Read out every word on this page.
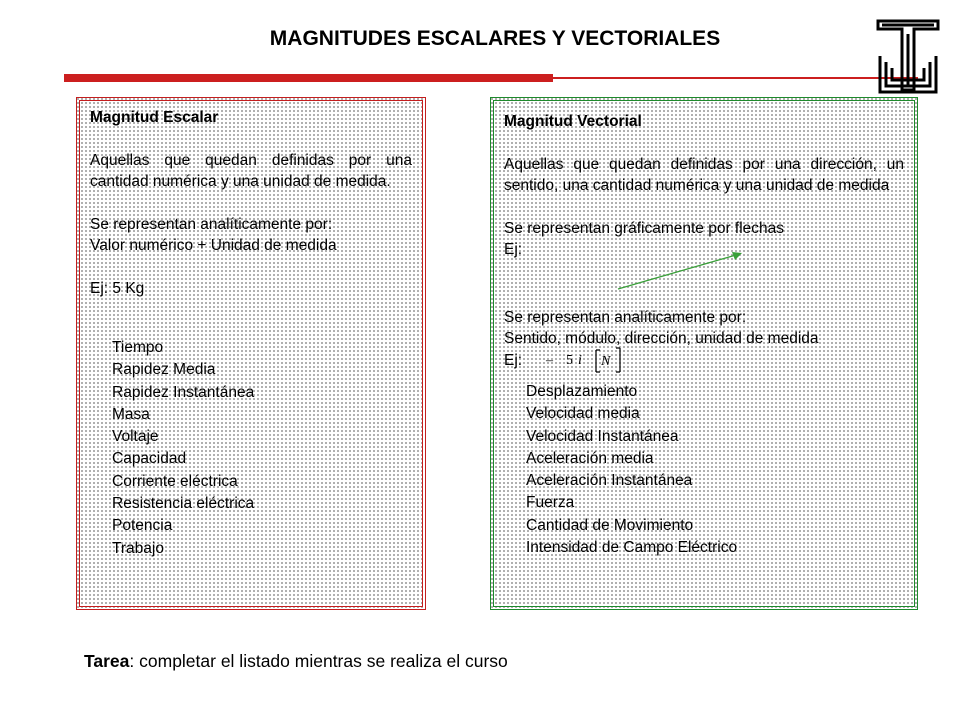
MAGNITUDES ESCALARES Y VECTORIALES
Magnitud Escalar
Aquellas que quedan definidas por una cantidad numérica y una unidad de medida.
Se representan analíticamente por:
Valor numérico + Unidad de medida
Ej: 5 Kg
Tiempo
Rapidez Media
Rapidez Instantánea
Masa
Voltaje
Capacidad
Corriente eléctrica
Resistencia eléctrica
Potencia
Trabajo
Magnitud Vectorial
Aquellas que quedan definidas por una dirección, un sentido, una cantidad numérica y una unidad de medida
Se representan gráficamente por flechas
Ej:
Se representan analíticamente por:
Sentido, módulo, dirección, unidad de medida
Ej: – 5 i N
Desplazamiento
Velocidad media
Velocidad Instantánea
Aceleración media
Aceleración Instantánea
Fuerza
Cantidad de Movimiento
Intensidad de Campo Eléctrico
Tarea: completar el listado mientras se realiza el curso
